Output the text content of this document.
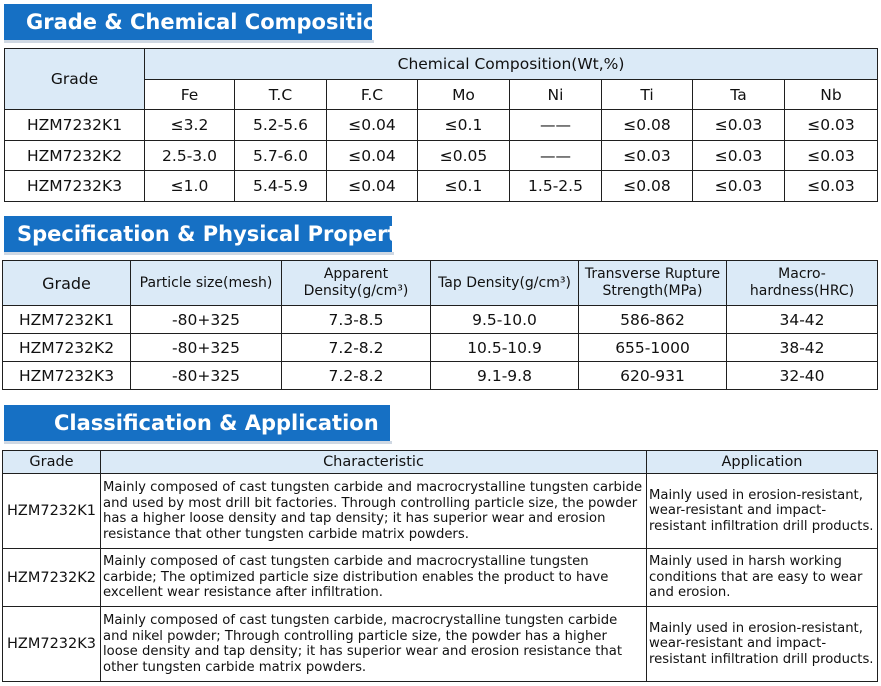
Grade & Chemical Composition
Grade	Chemical Composition(Wt,%)							
	Fe	T.C	F.C	Mo	Ni	Ti	Ta	Nb
HZM7232K1	≤3.2	5.2-5.6	≤0.04	≤0.1	——	≤0.08	≤0.03	≤0.03
HZM7232K2	2.5-3.0	5.7-6.0	≤0.04	≤0.05	——	≤0.03	≤0.03	≤0.03
HZM7232K3	≤1.0	5.4-5.9	≤0.04	≤0.1	1.5-2.5	≤0.08	≤0.03	≤0.03
Specification & Physical Properties
Grade	Particle size(mesh)	Apparent Density(g/cm³)	Tap Density(g/cm³)	Transverse Rupture Strength(MPa)	Macro-hardness(HRC)
HZM7232K1	-80+325	7.3-8.5	9.5-10.0	586-862	34-42
HZM7232K2	-80+325	7.2-8.2	10.5-10.9	655-1000	38-42
HZM7232K3	-80+325	7.2-8.2	9.1-9.8	620-931	32-40
Classification & Application
Grade	Characteristic	Application
HZM7232K1	Mainly composed of cast tungsten carbide and macrocrystalline tungsten carbide and used by most drill bit factories. Through controlling particle size, the powder has a higher loose density and tap density; it has superior wear and erosion resistance that other tungsten carbide matrix powders.	Mainly used in erosion-resistant, wear-resistant and impact-resistant infiltration drill products.
HZM7232K2	Mainly composed of cast tungsten carbide and macrocrystalline tungsten carbide; The optimized particle size distribution enables the product to have excellent wear resistance after infiltration.	Mainly used in harsh working conditions that are easy to wear and erosion.
HZM7232K3	Mainly composed of cast tungsten carbide, macrocrystalline tungsten carbide and nikel powder; Through controlling particle size, the powder has a higher loose density and tap density; it has superior wear and erosion resistance that other tungsten carbide matrix powders.	Mainly used in erosion-resistant, wear-resistant and impact-resistant infiltration drill products.
